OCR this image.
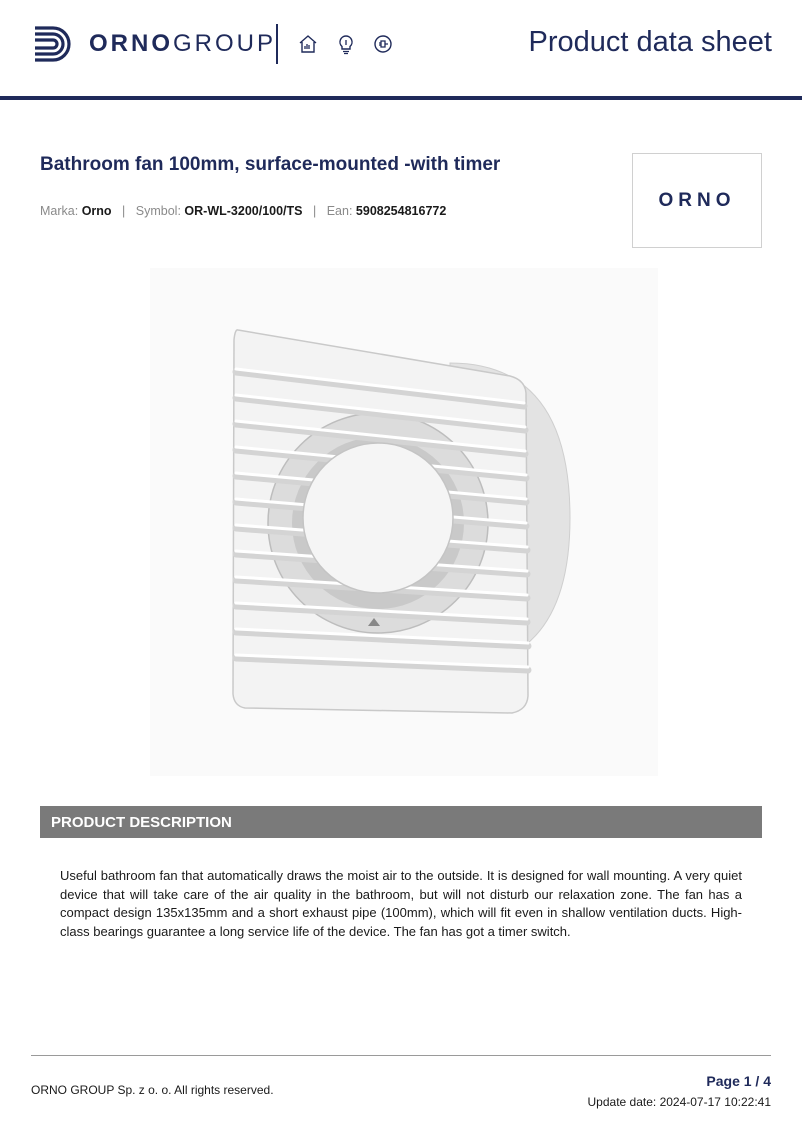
ORNOGROUP	Product data sheet
Bathroom fan 100mm, surface-mounted -with timer
Marka: Orno | Symbol: OR-WL-3200/100/TS | Ean: 5908254816772	ORNO
PRODUCT DESCRIPTION
Useful bathroom fan that automatically draws the moist air to the outside. It is designed for wall mounting. A very quiet device that will take care of the air quality in the bathroom, but will not disturb our relaxation zone. The fan has a compact design 135x135mm and a short exhaust pipe (100mm), which will fit even in shallow ventilation ducts. High-class bearings guarantee a long service life of the device. The fan has got a timer switch.
ORNO GROUP Sp. z o. o. All rights reserved.
Page 1 / 4
Update date: 2024-07-17 10:22:41
